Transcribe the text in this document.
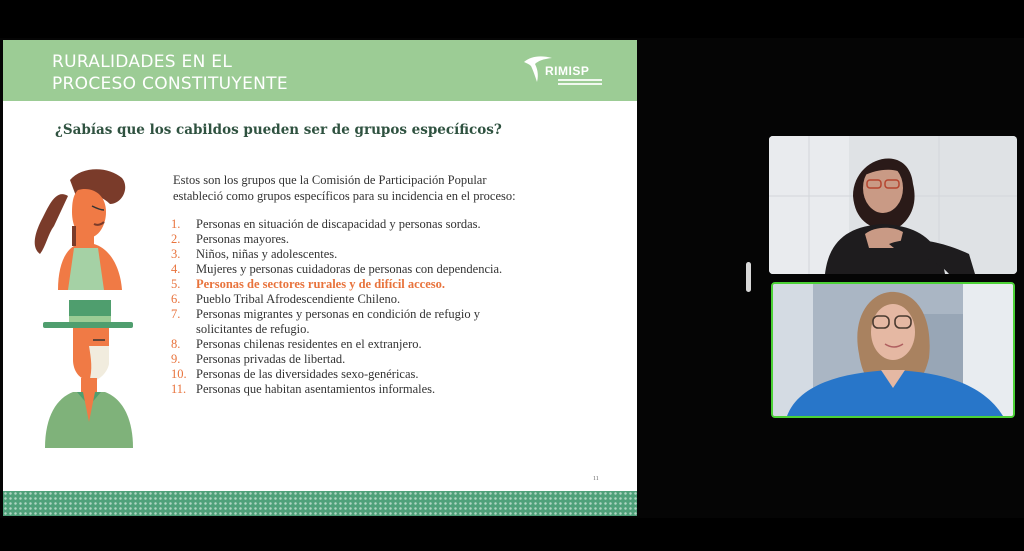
RURALIDADES EN EL
PROCESO CONSTITUYENTE
RIMISP
¿Sabías que los cabildos pueden ser de grupos específicos?
Estos son los grupos que la Comisión de Participación Popular
estableció como grupos específicos para su incidencia en el proceso:
1. Personas en situación de discapacidad y personas sordas.
2. Personas mayores.
3. Niños, niñas y adolescentes.
4. Mujeres y personas cuidadoras de personas con dependencia.
5. Personas de sectores rurales y de difícil acceso.
6. Pueblo Tribal Afrodescendiente Chileno.
7. Personas migrantes y personas en condición de refugio y
solicitantes de refugio.
8. Personas chilenas residentes en el extranjero.
9. Personas privadas de libertad.
10. Personas de las diversidades sexo-genéricas.
11. Personas que habitan asentamientos informales.
11
